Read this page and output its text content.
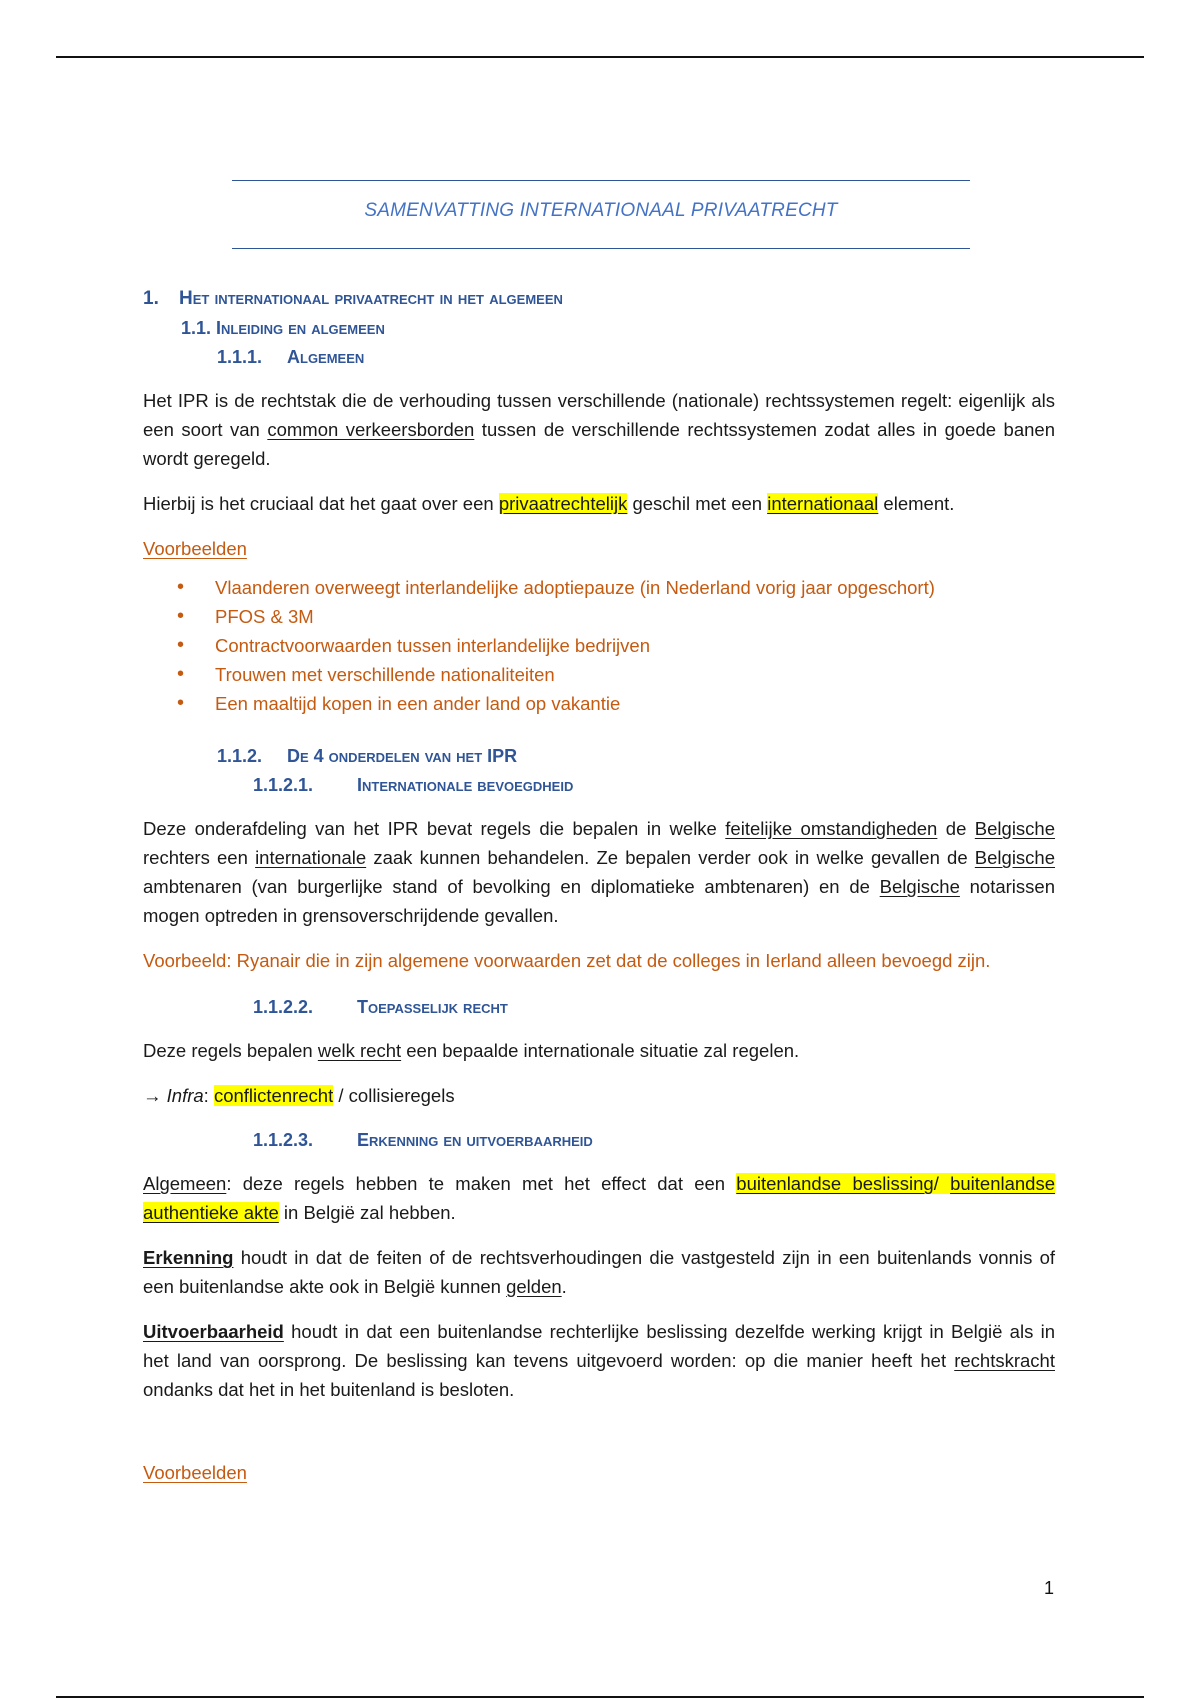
SAMENVATTING INTERNATIONAAL PRIVAATRECHT
1. Het internationaal privaatrecht in het algemeen
1.1. Inleiding en algemeen
1.1.1. Algemeen

Het IPR is de rechtstak die de verhouding tussen verschillende (nationale) rechtssystemen regelt: eigenlijk als een soort van common verkeersborden tussen de verschillende rechtssystemen zodat alles in goede banen wordt geregeld.

Hierbij is het cruciaal dat het gaat over een privaatrechtelijk geschil met een internationaal element.

Voorbeelden

• Vlaanderen overweegt interlandelijke adoptiepauze (in Nederland vorig jaar opgeschort)
• PFOS & 3M
• Contractvoorwaarden tussen interlandelijke bedrijven
• Trouwen met verschillende nationaliteiten
• Een maaltijd kopen in een ander land op vakantie
1.1.2. De 4 onderdelen van het IPR
1.1.2.1. Internationale bevoegdheid

Deze onderafdeling van het IPR bevat regels die bepalen in welke feitelijke omstandigheden de Belgische rechters een internationale zaak kunnen behandelen. Ze bepalen verder ook in welke gevallen de Belgische ambtenaren (van burgerlijke stand of bevolking en diplomatieke ambtenaren) en de Belgische notarissen mogen optreden in grensoverschrijdende gevallen.

Voorbeeld: Ryanair die in zijn algemene voorwaarden zet dat de colleges in Ierland alleen bevoegd zijn.

1.1.2.2. Toepasselijk recht

Deze regels bepalen welk recht een bepaalde internationale situatie zal regelen.

→ Infra: conflictenrecht / collisieregels

1.1.2.3. Erkenning en uitvoerbaarheid

Algemeen: deze regels hebben te maken met het effect dat een buitenlandse beslissing/ buitenlandse authentieke akte in België zal hebben.

Erkenning houdt in dat de feiten of de rechtsverhoudingen die vastgesteld zijn in een buitenlands vonnis of een buitenlandse akte ook in België kunnen gelden.

Uitvoerbaarheid houdt in dat een buitenlandse rechterlijke beslissing dezelfde werking krijgt in België als in het land van oorsprong. De beslissing kan tevens uitgevoerd worden: op die manier heeft het rechtskracht ondanks dat het in het buitenland is besloten.

Voorbeelden

1
